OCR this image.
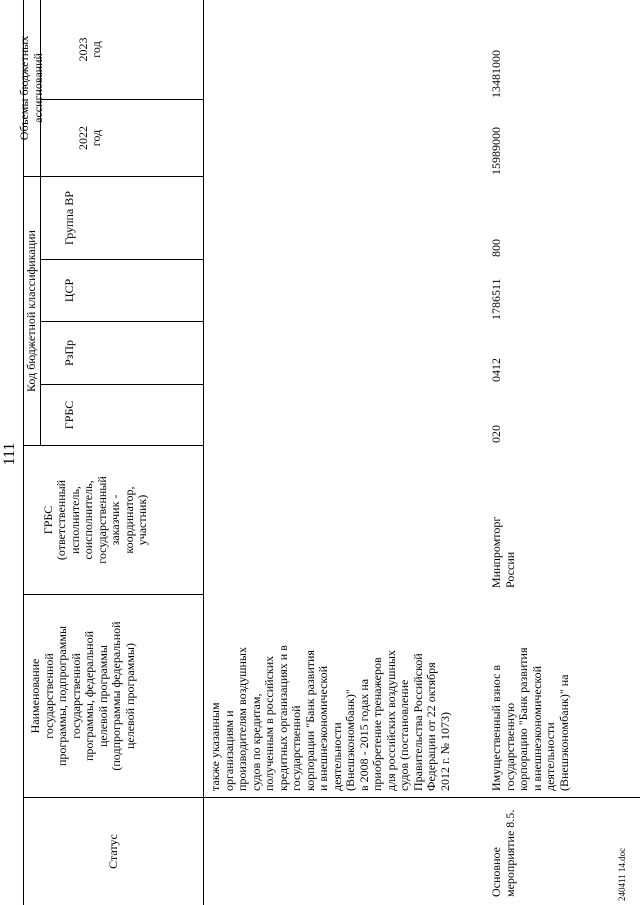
111
Статус
Наименование
государственной
программы, подпрограммы
государственной
программы, федеральной
целевой программы
(подпрограммы федеральной
целевой программы)
ГРБС
(ответственный
исполнитель,
соисполнитель,
государственный
заказчик -
координатор,
участник)
Код бюджетной классификации
ГРБС
РзПр
ЦСР
Группа ВР
Объемы бюджетных ассигнований
2022
год
2023
год
также указанным
организациям и
производителям воздушных
судов по кредитам,
полученным в российских
кредитных организациях и в
государственной
корпорации "Банк развития
и внешнеэкономической
деятельности
(Внешэкономбанк)"
в 2008 - 2015 годах на
приобретение тренажеров
для российских воздушных
судов (постановление
Правительства Российской
Федерации от 22 октября
2012 г. № 1073)
Основное
мероприятие 8.5.
Имущественный взнос в
государственную
корпорацию "Банк развития
и внешнеэкономической
деятельности
(Внешэкономбанк)" на
Минпромторг
России
020
0412
1786511
800
15989000
13481000
240411 14.doc
